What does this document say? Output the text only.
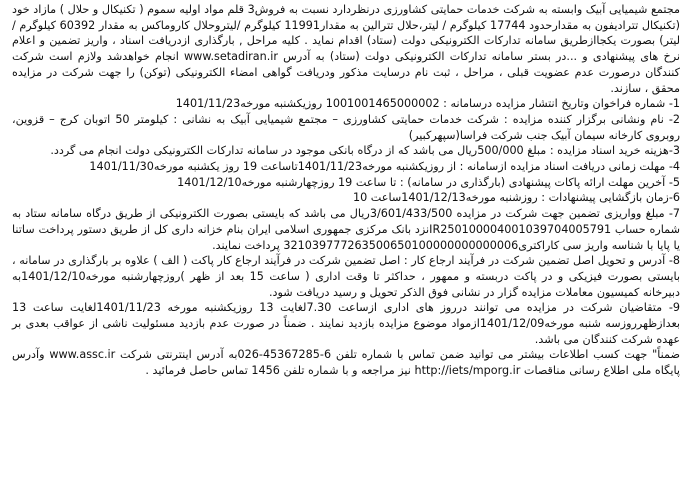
مجتمع شیمیایی آبیک وابسته به شرکت خدمات حمایتی کشاورزی درنظردارد نسبت به فروش3 قلم مواد اولیه سموم ( تکنیکال و حلال ) مازاد خود (تکنیکال تترادیفون به مقدارحدود 17744 کیلوگرم / لیتر،حلال تترالین به مقدار11991 کیلوگرم /لیتروحلال کاروماکس به مقدار 60392 کیلوگرم / لیتر) بصورت یکجاازطریق سامانه تدارکات الکترونیکی دولت (ستاد) اقدام نماید . کلیه مراحل , بارگذاری ازدریافت اسناد ، واریز تضمین و اعلام نرخ های پیشنهادی و ...در بستر سامانه تدارکات الکترونیکی دولت (ستاد) به آدرس www.setadiran.ir انجام خواهدشد ولازم است شرکت کنندگان درصورت عدم عضویت قبلی ، مراحل ، ثبت نام درسایت مذکور ودریافت گواهی امضاء الکترونیکی (توکن) را جهت شرکت در مزایده محقق ، سازند.

1- شماره فراخوان وتاریخ انتشار مزایده درسامانه : 1001001465000002 روزیکشنبه مورخه1401/11/23

2- نام ونشانی برگزار کننده مزایده : شرکت خدمات حمایتی کشاورزی – مجتمع شیمیایی آبیک به نشانی : کیلومتر 50 اتوبان کرج – قزوین، روبروی کارخانه سیمان آبیک جنب شرکت فراسا(سپهرکبیر)

3-هزینه خرید اسناد مزایده : مبلغ 500/000ریال می باشد که از درگاه بانکی موجود در سامانه تدارکات الکترونیکی دولت انجام می گردد.

4- مهلت زمانی دریافت اسناد مزایده ازسامانه : از روزیکشنبه مورخه1401/11/23تاساعت 19 روز یکشنبه مورخه1401/11/30

5- آخرین مهلت ارائه پاکات پیشنهادی (بارگذاری در سامانه) : تا ساعت 19 روزچهارشنبه مورخه1401/12/10

6-زمان بازگشایی پیشنهادات : روزشنبه مورخه1401/12/13ساعت 10

7- مبلغ وواریزی تضمین جهت شرکت در مزایده 3/601/433/500ریال می باشد که بایستی بصورت الکترونیکی از طریق درگاه سامانه ستاد به شماره حساب IR250100004001039704005791نزد بانک مرکزی جمهوری اسلامی ایران بنام خزانه داری کل از طریق دستور پرداخت ساتنا یا پایا با شناسه واریز سی کاراکتری321039777263500650100000000000006 پرداخت نمایند.

8- آدرس و تحویل اصل تضمین شرکت در فرآیند ارجاع کار : اصل تضمین شرکت در فرآیند ارجاع کار پاکت ( الف ) علاوه بر بارگذاری در سامانه ، بایستی بصورت فیزیکی و در پاکت دربسته و ممهور ، حداکثر تا وقت اداری ( ساعت 15 بعد از ظهر )روزچهارشنبه مورخه1401/12/10به دبیرخانه کمیسیون معاملات مزایده گزار در نشانی فوق الذکر تحویل و رسید دریافت شود.

9- متقاضیان شرکت در مزایده می توانند درروز های اداری ازساعت 7.30لغایت 13 روزیکشنبه مورخه 1401/11/23لغایت ساعت 13 بعدازظهرروزسه شنبه مورخه1401/12/09ازمواد موضوع مزایده بازدید نمایند . ضمناً در صورت عدم بازدید مسئولیت ناشی از عواقب بعدی بر عهده شرکت کنندگان می باشد.

ضمناً" جهت کسب اطلاعات بیشتر می توانید ضمن تماس با شماره تلفن 6-45367285-026به آدرس اینترنتی شرکت www.assc.ir وآدرس پایگاه ملی اطلاع رسانی مناقصات http://iets/mporg.ir نیز مراجعه و با شماره تلفن 1456 تماس حاصل فرمائید .
